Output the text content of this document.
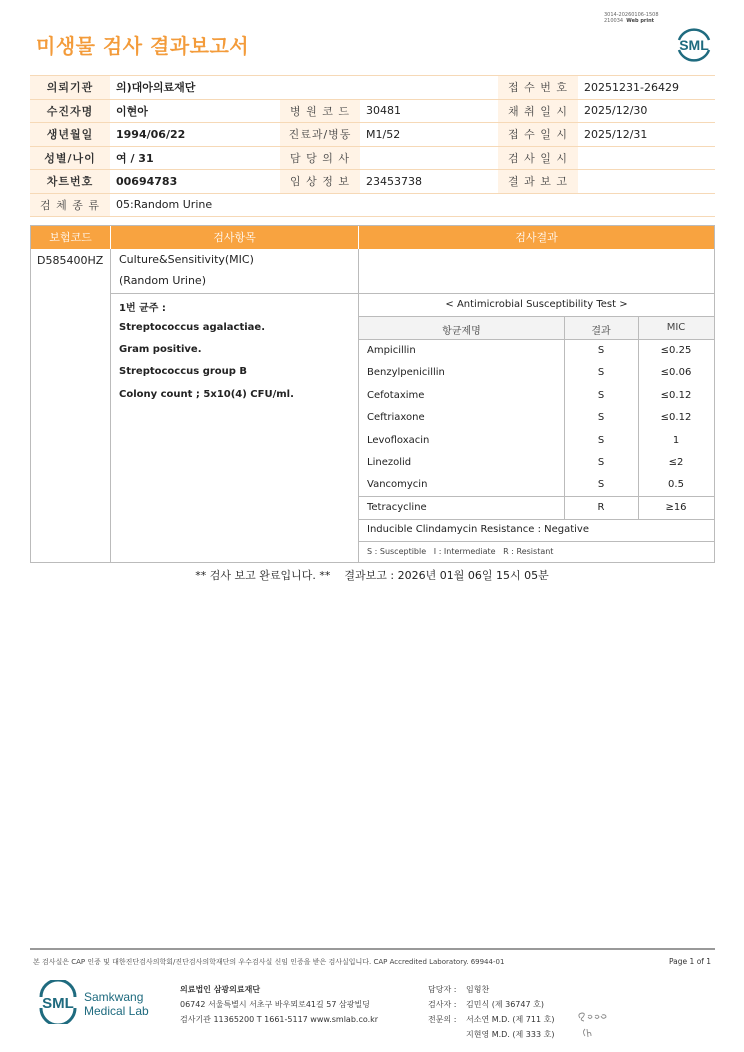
3014-20260106-1508
210034 Web print
미생물 검사 결과보고서	SML
의뢰기관	의)대아의료재단			접 수 번 호	20251231-26429
수진자명	이현아	병 원 코 드	30481	채 취 일 시	2025/12/30
생년월일	1994/06/22	진료과/병동	M1/52	접 수 일 시	2025/12/31
성별/나이	여 / 31	담 당 의 사		검 사 일 시	
차트번호	00694783	임 상 정 보	23453738	결 과 보 고	
검 체 종 류	05:Random Urine				
보험코드	검사항목	검사결과
D585400HZ Culture&Sensitivity(MIC)
(Random Urine)
1번 균주 :
Streptococcus agalactiae.
Gram positive.
Streptococcus group B
Colony count ; 5x10(4) CFU/ml.
< Antimicrobial Susceptibility Test >
항균제명	결과	MIC
Ampicillin	S	≤0.25
Benzylpenicillin	S	≤0.06
Cefotaxime	S	≤0.12
Ceftriaxone	S	≤0.12
Levofloxacin	S	1
Linezolid	S	≤2
Vancomycin	S	0.5
Tetracycline	R	≥16
Inducible Clindamycin Resistance : Negative
S : Susceptible   I : Intermediate   R : Resistant
** 검사 보고 완료입니다. **    결과보고 : 2026년 01월 06일 15시 05분
본 검사실은 CAP 인증 및 대한진단검사의학회/진단검사의학재단의 우수검사실 신임 인증을 받은 검사실입니다. CAP Accredited Laboratory. 69944-01	Page 1 of 1
SML Samkwang
Medical Lab
의료법인 삼광의료재단
06742 서울특별시 서초구 바우뫼로41길 57 삼광빌딩
검사기관 11365200 T 1661-5117 www.smlab.co.kr
담당자 : 임형찬
검사자 : 김민식 (제 36747 호)
전문의 : 서소연 M.D. (제 711 호)
지현영 M.D. (제 333 호)
